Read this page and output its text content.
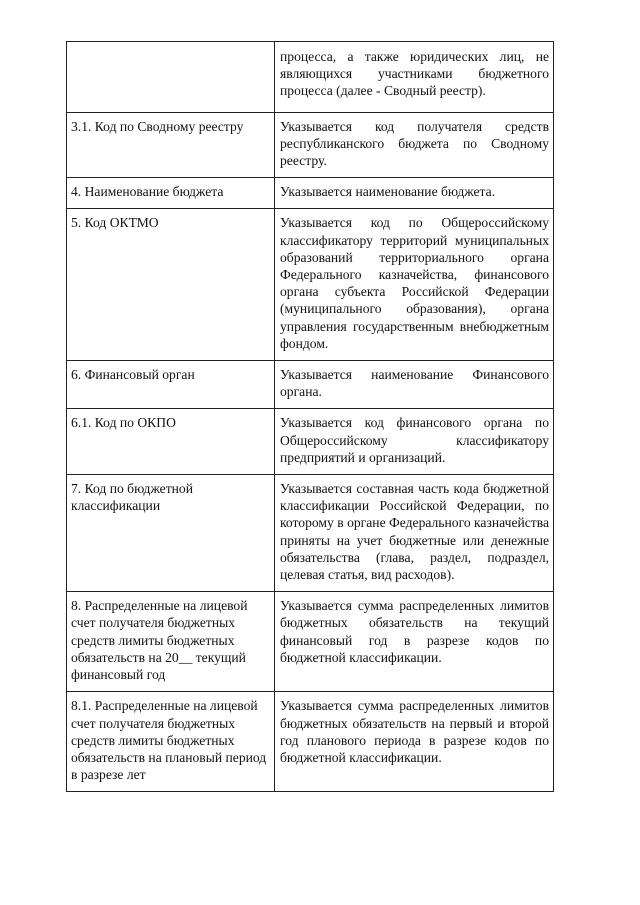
	процесса, а также юридических лиц, не являющихся участниками бюджетного процесса (далее - Сводный реестр).
3.1. Код по Сводному реестру	Указывается код получателя средств республиканского бюджета по Сводному реестру.
4. Наименование бюджета	Указывается наименование бюджета.
5. Код ОКТМО	Указывается код по Общероссийскому классификатору территорий муниципальных образований территориального органа Федерального казначейства, финансового органа субъекта Российской Федерации (муниципального образования), органа управления государственным внебюджетным фондом.
6. Финансовый орган	Указывается наименование Финансового органа.
6.1. Код по ОКПО	Указывается код финансового органа по Общероссийскому классификатору предприятий и организаций.
7. Код по бюджетной классификации	Указывается составная часть кода бюджетной классификации Российской Федерации, по которому в органе Федерального казначейства приняты на учет бюджетные или денежные обязательства (глава, раздел, подраздел, целевая статья, вид расходов).
8. Распределенные на лицевой счет получателя бюджетных средств лимиты бюджетных обязательств на 20__ текущий финансовый год	Указывается сумма распределенных лимитов бюджетных обязательств на текущий финансовый год в разрезе кодов по бюджетной классификации.
8.1. Распределенные на лицевой счет получателя бюджетных средств лимиты бюджетных обязательств на плановый период в разрезе лет	Указывается сумма распределенных лимитов бюджетных обязательств на первый и второй год планового периода в разрезе кодов по бюджетной классификации.
